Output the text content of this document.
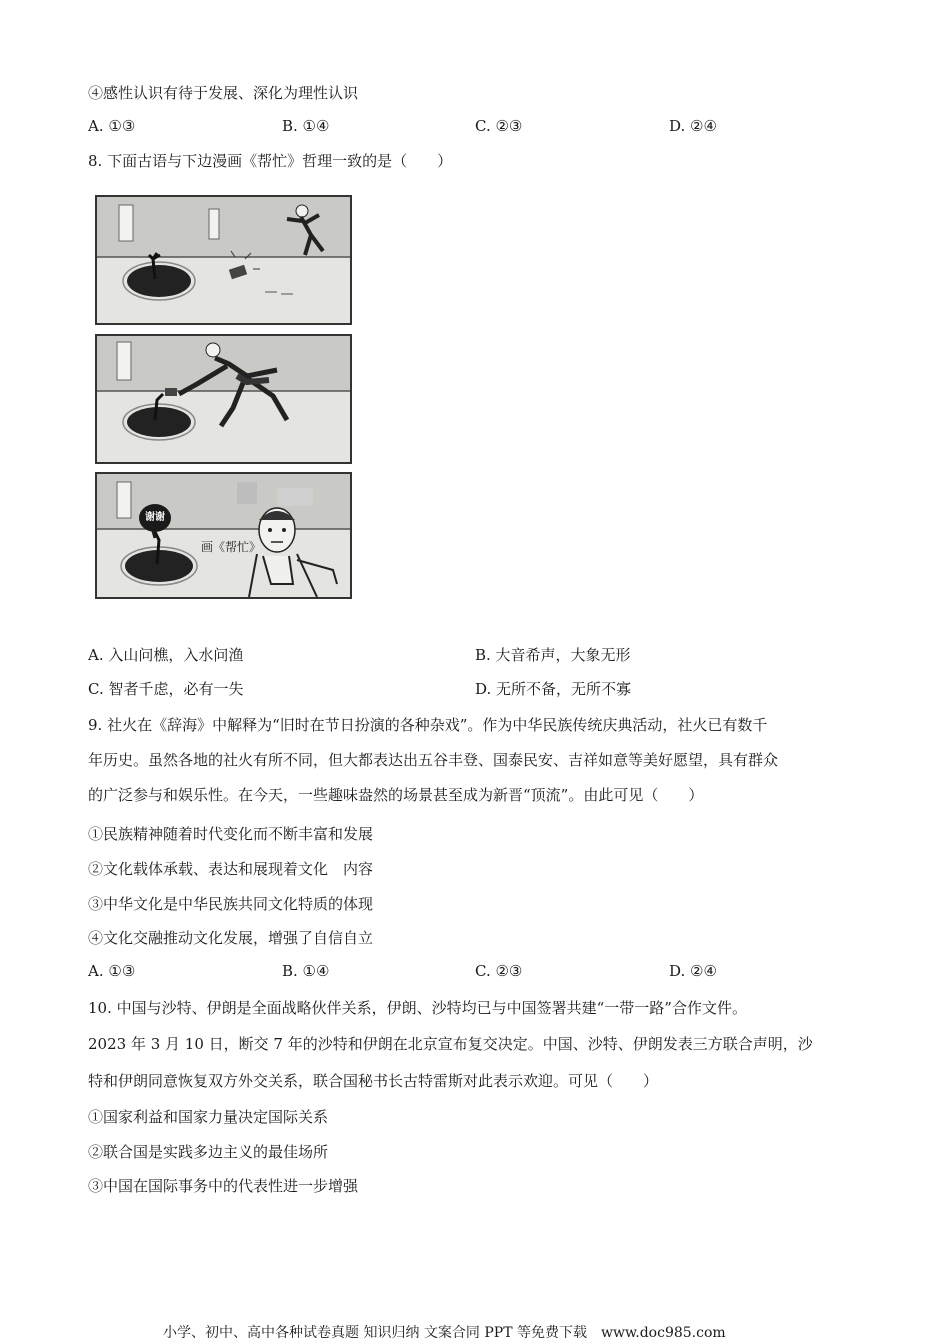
④感性认识有待于发展、深化为理性认识
A. ①③	B. ①④	C. ②③	D. ②④
8. 下面古语与下边漫画《帮忙》哲理一致的是（　　）
谢谢
画《帮忙》
A. 入山问樵，入水问渔	B. 大音希声，大象无形
C. 智者千虑，必有一失	D. 无所不备，无所不寡
9. 社火在《辞海》中解释为“旧时在节日扮演的各种杂戏”。作为中华民族传统庆典活动，社火已有数千
年历史。虽然各地的社火有所不同，但大都表达出五谷丰登、国泰民安、吉祥如意等美好愿望，具有群众
的广泛参与和娱乐性。在今天，一些趣味盎然的场景甚至成为新晋“顶流”。由此可见（　　）
①民族精神随着时代变化而不断丰富和发展
②文化载体承载、表达和展现着文化　内容
③中华文化是中华民族共同文化特质的体现
④文化交融推动文化发展，增强了自信自立
A. ①③	B. ①④	C. ②③	D. ②④
10. 中国与沙特、伊朗是全面战略伙伴关系，伊朗、沙特均已与中国签署共建“一带一路”合作文件。
2023 年 3 月 10 日，断交 7 年的沙特和伊朗在北京宣布复交决定。中国、沙特、伊朗发表三方联合声明，沙
特和伊朗同意恢复双方外交关系，联合国秘书长古特雷斯对此表示欢迎。可见（　　）
①国家利益和国家力量决定国际关系
②联合国是实践多边主义的最佳场所
③中国在国际事务中的代表性进一步增强
小学、初中、高中各种试卷真题 知识归纳 文案合同 PPT 等免费下载 www.doc985.com
